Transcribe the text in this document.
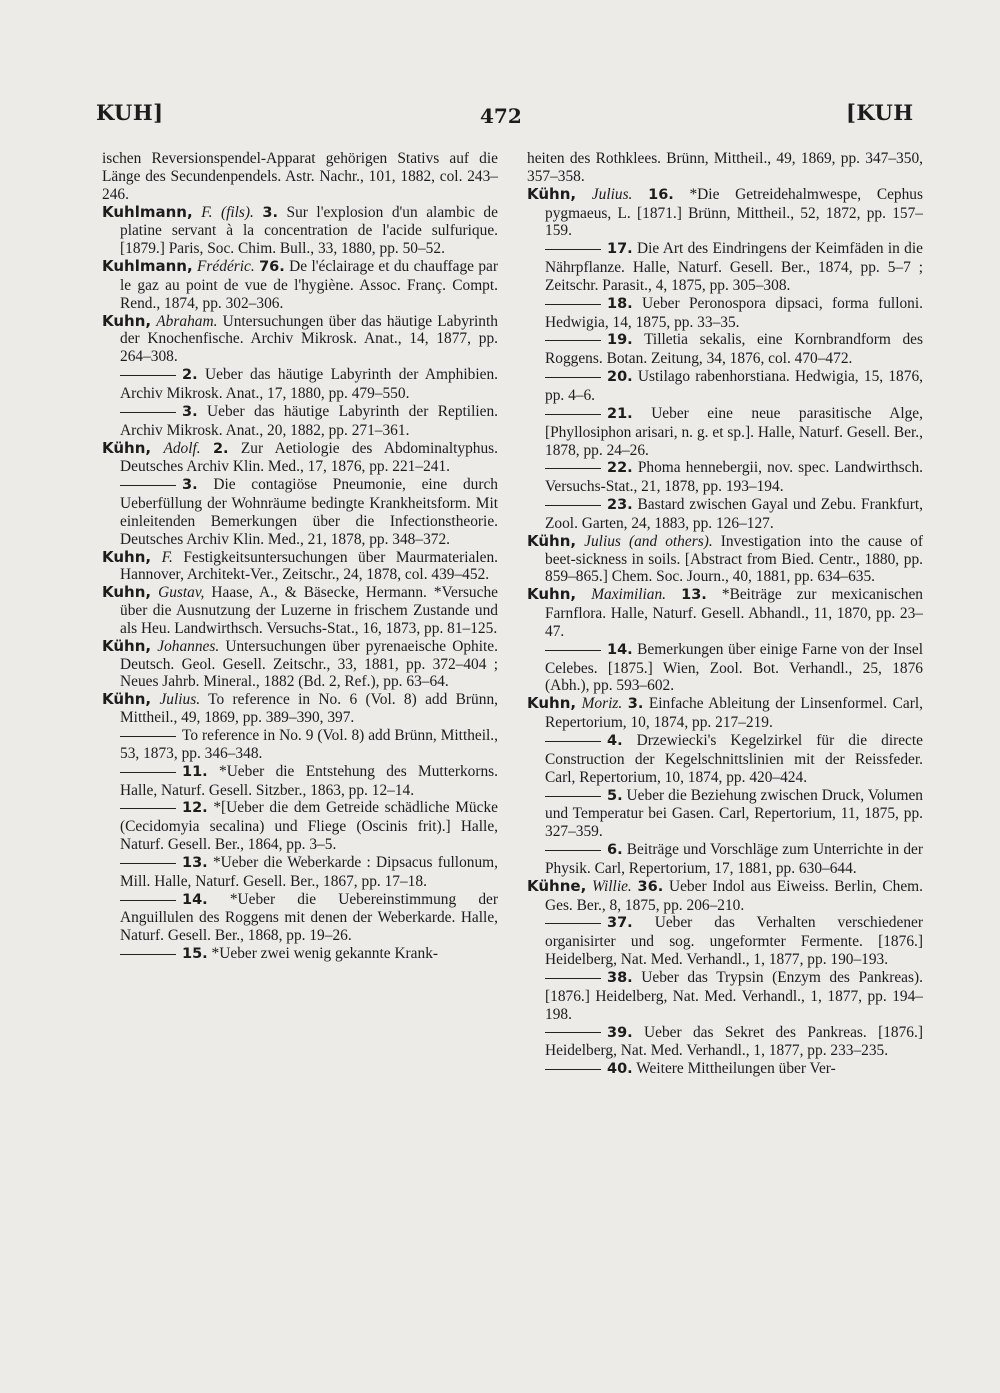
KUH]	472	[KUH

ischen Reversionspendel-Apparat gehörigen Stativs auf die Länge des Secundenpendels. Astr. Nachr., 101, 1882, col. 243–246.

Kuhlmann, F. (fils). 3. Sur l'explosion d'un alambic de platine servant à la concentration de l'acide sulfurique. [1879.] Paris, Soc. Chim. Bull., 33, 1880, pp. 50–52.

Kuhlmann, Frédéric. 76. De l'éclairage et du chauffage par le gaz au point de vue de l'hygiène. Assoc. Franç. Compt. Rend., 1874, pp. 302–306.

Kuhn, Abraham. Untersuchungen über das häutige Labyrinth der Knochenfische. Archiv Mikrosk. Anat., 14, 1877, pp. 264–308.

2. Ueber das häutige Labyrinth der Amphibien. Archiv Mikrosk. Anat., 17, 1880, pp. 479–550.

3. Ueber das häutige Labyrinth der Reptilien. Archiv Mikrosk. Anat., 20, 1882, pp. 271–361.

Kühn, Adolf. 2. Zur Aetiologie des Abdominaltyphus. Deutsches Archiv Klin. Med., 17, 1876, pp. 221–241.

3. Die contagiöse Pneumonie, eine durch Ueberfüllung der Wohnräume bedingte Krankheitsform. Mit einleitenden Bemerkungen über die Infectionstheorie. Deutsches Archiv Klin. Med., 21, 1878, pp. 348–372.

Kuhn, F. Festigkeitsuntersuchungen über Maurmaterialen. Hannover, Architekt-Ver., Zeitschr., 24, 1878, col. 439–452.

Kuhn, Gustav, Haase, A., & Bäsecke, Hermann. *Versuche über die Ausnutzung der Luzerne in frischem Zustande und als Heu. Landwirthsch. Versuchs-Stat., 16, 1873, pp. 81–125.

Kühn, Johannes. Untersuchungen über pyrenaeische Ophite. Deutsch. Geol. Gesell. Zeitschr., 33, 1881, pp. 372–404 ; Neues Jahrb. Mineral., 1882 (Bd. 2, Ref.), pp. 63–64.

Kühn, Julius. To reference in No. 6 (Vol. 8) add Brünn, Mittheil., 49, 1869, pp. 389–390, 397.

To reference in No. 9 (Vol. 8) add Brünn, Mittheil., 53, 1873, pp. 346–348.

11. *Ueber die Entstehung des Mutterkorns. Halle, Naturf. Gesell. Sitzber., 1863, pp. 12–14.

12. *[Ueber die dem Getreide schädliche Mücke (Cecidomyia secalina) und Fliege (Oscinis frit).] Halle, Naturf. Gesell. Ber., 1864, pp. 3–5.

13. *Ueber die Weberkarde : Dipsacus fullonum, Mill. Halle, Naturf. Gesell. Ber., 1867, pp. 17–18.

14. *Ueber die Uebereinstimmung der Anguillulen des Roggens mit denen der Weberkarde. Halle, Naturf. Gesell. Ber., 1868, pp. 19–26.

15. *Ueber zwei wenig gekannte Krank-

heiten des Rothklees. Brünn, Mittheil., 49, 1869, pp. 347–350, 357–358.

Kühn, Julius. 16. *Die Getreidehalmwespe, Cephus pygmaeus, L. [1871.] Brünn, Mittheil., 52, 1872, pp. 157–159.

17. Die Art des Eindringens der Keimfäden in die Nährpflanze. Halle, Naturf. Gesell. Ber., 1874, pp. 5–7 ; Zeitschr. Parasit., 4, 1875, pp. 305–308.

18. Ueber Peronospora dipsaci, forma fulloni. Hedwigia, 14, 1875, pp. 33–35.

19. Tilletia sekalis, eine Kornbrandform des Roggens. Botan. Zeitung, 34, 1876, col. 470–472.

20. Ustilago rabenhorstiana. Hedwigia, 15, 1876, pp. 4–6.

21. Ueber eine neue parasitische Alge, [Phyllosiphon arisari, n. g. et sp.]. Halle, Naturf. Gesell. Ber., 1878, pp. 24–26.

22. Phoma hennebergii, nov. spec. Landwirthsch. Versuchs-Stat., 21, 1878, pp. 193–194.

23. Bastard zwischen Gayal und Zebu. Frankfurt, Zool. Garten, 24, 1883, pp. 126–127.

Kühn, Julius (and others). Investigation into the cause of beet-sickness in soils. [Abstract from Bied. Centr., 1880, pp. 859–865.] Chem. Soc. Journ., 40, 1881, pp. 634–635.

Kuhn, Maximilian. 13. *Beiträge zur mexicanischen Farnflora. Halle, Naturf. Gesell. Abhandl., 11, 1870, pp. 23–47.

14. Bemerkungen über einige Farne von der Insel Celebes. [1875.] Wien, Zool. Bot. Verhandl., 25, 1876 (Abh.), pp. 593–602.

Kuhn, Moriz. 3. Einfache Ableitung der Linsenformel. Carl, Repertorium, 10, 1874, pp. 217–219.

4. Drzewiecki's Kegelzirkel für die directe Construction der Kegelschnittslinien mit der Reissfeder. Carl, Repertorium, 10, 1874, pp. 420–424.

5. Ueber die Beziehung zwischen Druck, Volumen und Temperatur bei Gasen. Carl, Repertorium, 11, 1875, pp. 327–359.

6. Beiträge und Vorschläge zum Unterrichte in der Physik. Carl, Repertorium, 17, 1881, pp. 630–644.

Kühne, Willie. 36. Ueber Indol aus Eiweiss. Berlin, Chem. Ges. Ber., 8, 1875, pp. 206–210.

37. Ueber das Verhalten verschiedener organisirter und sog. ungeformter Fermente. [1876.] Heidelberg, Nat. Med. Verhandl., 1, 1877, pp. 190–193.

38. Ueber das Trypsin (Enzym des Pankreas). [1876.] Heidelberg, Nat. Med. Verhandl., 1, 1877, pp. 194–198.

39. Ueber das Sekret des Pankreas. [1876.] Heidelberg, Nat. Med. Verhandl., 1, 1877, pp. 233–235.

40. Weitere Mittheilungen über Ver-
